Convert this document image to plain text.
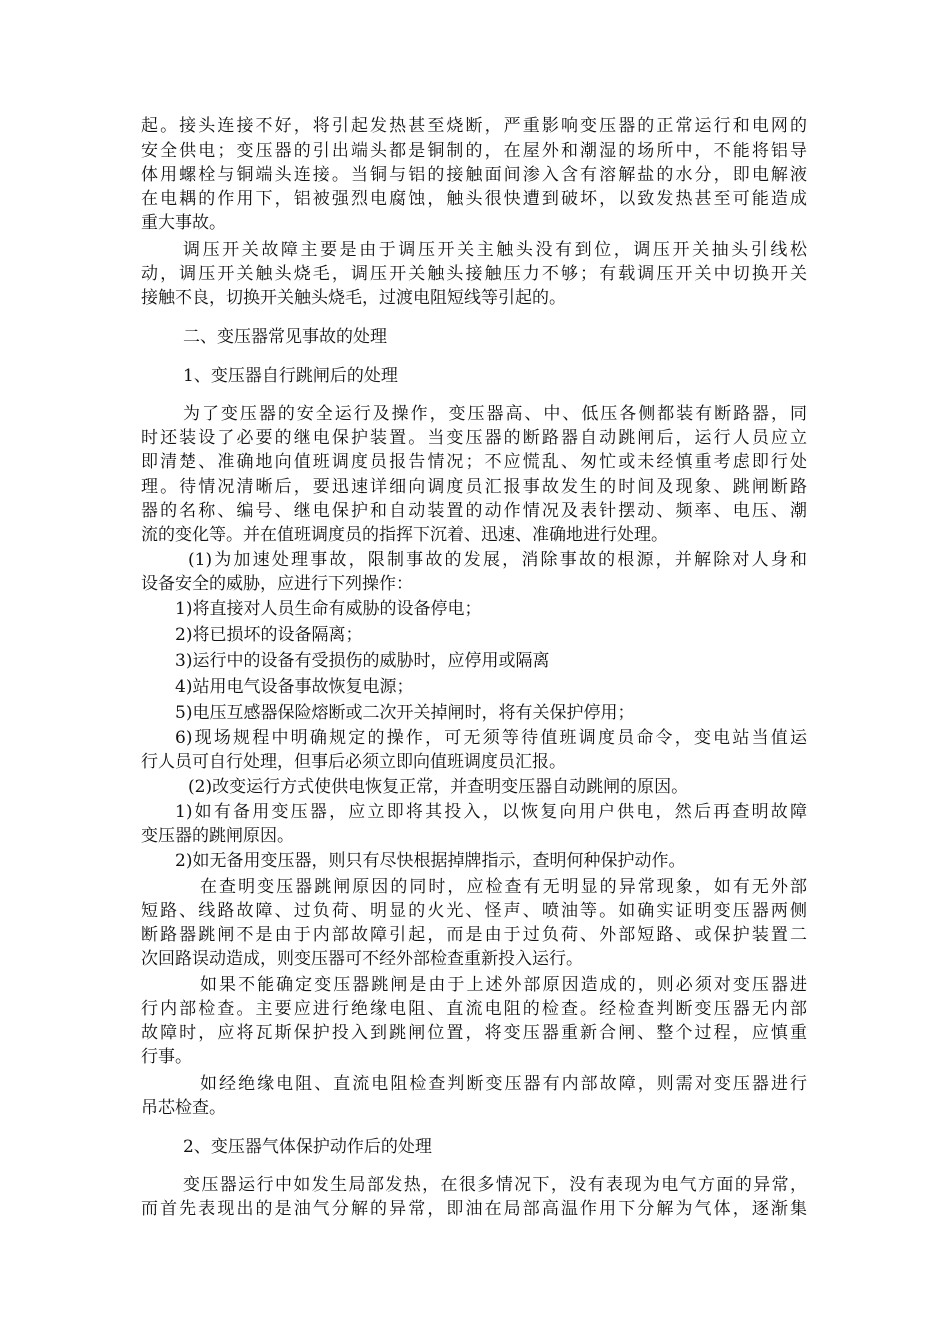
起。接头连接不好，将引起发热甚至烧断，严重影响变压器的正常运行和电网的
安全供电；变压器的引出端头都是铜制的，在屋外和潮湿的场所中，不能将铝导
体用螺栓与铜端头连接。当铜与铝的接触面间渗入含有溶解盐的水分，即电解液
在电耦的作用下，铝被强烈电腐蚀，触头很快遭到破坏，以致发热甚至可能造成
重大事故。
调压开关故障主要是由于调压开关主触头没有到位，调压开关抽头引线松
动，调压开关触头烧毛，调压开关触头接触压力不够；有载调压开关中切换开关
接触不良，切换开关触头烧毛，过渡电阻短线等引起的。
二、变压器常见事故的处理
1、变压器自行跳闸后的处理
为了变压器的安全运行及操作，变压器高、中、低压各侧都装有断路器，同
时还装设了必要的继电保护装置。当变压器的断路器自动跳闸后，运行人员应立
即清楚、准确地向值班调度员报告情况；不应慌乱、匆忙或未经慎重考虑即行处
理。待情况清晰后，要迅速详细向调度员汇报事故发生的时间及现象、跳闸断路
器的名称、编号、继电保护和自动装置的动作情况及表针摆动、频率、电压、潮
流的变化等。并在值班调度员的指挥下沉着、迅速、准确地进行处理。
(1)为加速处理事故，限制事故的发展，消除事故的根源，并解除对人身和
设备安全的威胁，应进行下列操作：
1)将直接对人员生命有威胁的设备停电；
2)将已损坏的设备隔离；
3)运行中的设备有受损伤的威胁时，应停用或隔离
4)站用电气设备事故恢复电源；
5)电压互感器保险熔断或二次开关掉闸时，将有关保护停用；
6)现场规程中明确规定的操作，可无须等待值班调度员命令，变电站当值运
行人员可自行处理，但事后必须立即向值班调度员汇报。
(2)改变运行方式使供电恢复正常，并查明变压器自动跳闸的原因。
1)如有备用变压器，应立即将其投入，以恢复向用户供电，然后再查明故障
变压器的跳闸原因。
2)如无备用变压器，则只有尽快根据掉牌指示，查明何种保护动作。
在查明变压器跳闸原因的同时，应检查有无明显的异常现象，如有无外部
短路、线路故障、过负荷、明显的火光、怪声、喷油等。如确实证明变压器两侧
断路器跳闸不是由于内部故障引起，而是由于过负荷、外部短路、或保护装置二
次回路误动造成，则变压器可不经外部检查重新投入运行。
如果不能确定变压器跳闸是由于上述外部原因造成的，则必须对变压器进
行内部检查。主要应进行绝缘电阻、直流电阻的检查。经检查判断变压器无内部
故障时，应将瓦斯保护投入到跳闸位置，将变压器重新合闸、整个过程，应慎重
行事。
如经绝缘电阻、直流电阻检查判断变压器有内部故障，则需对变压器进行
吊芯检查。
2、变压器气体保护动作后的处理
变压器运行中如发生局部发热，在很多情况下，没有表现为电气方面的异常，
而首先表现出的是油气分解的异常，即油在局部高温作用下分解为气体，逐渐集
